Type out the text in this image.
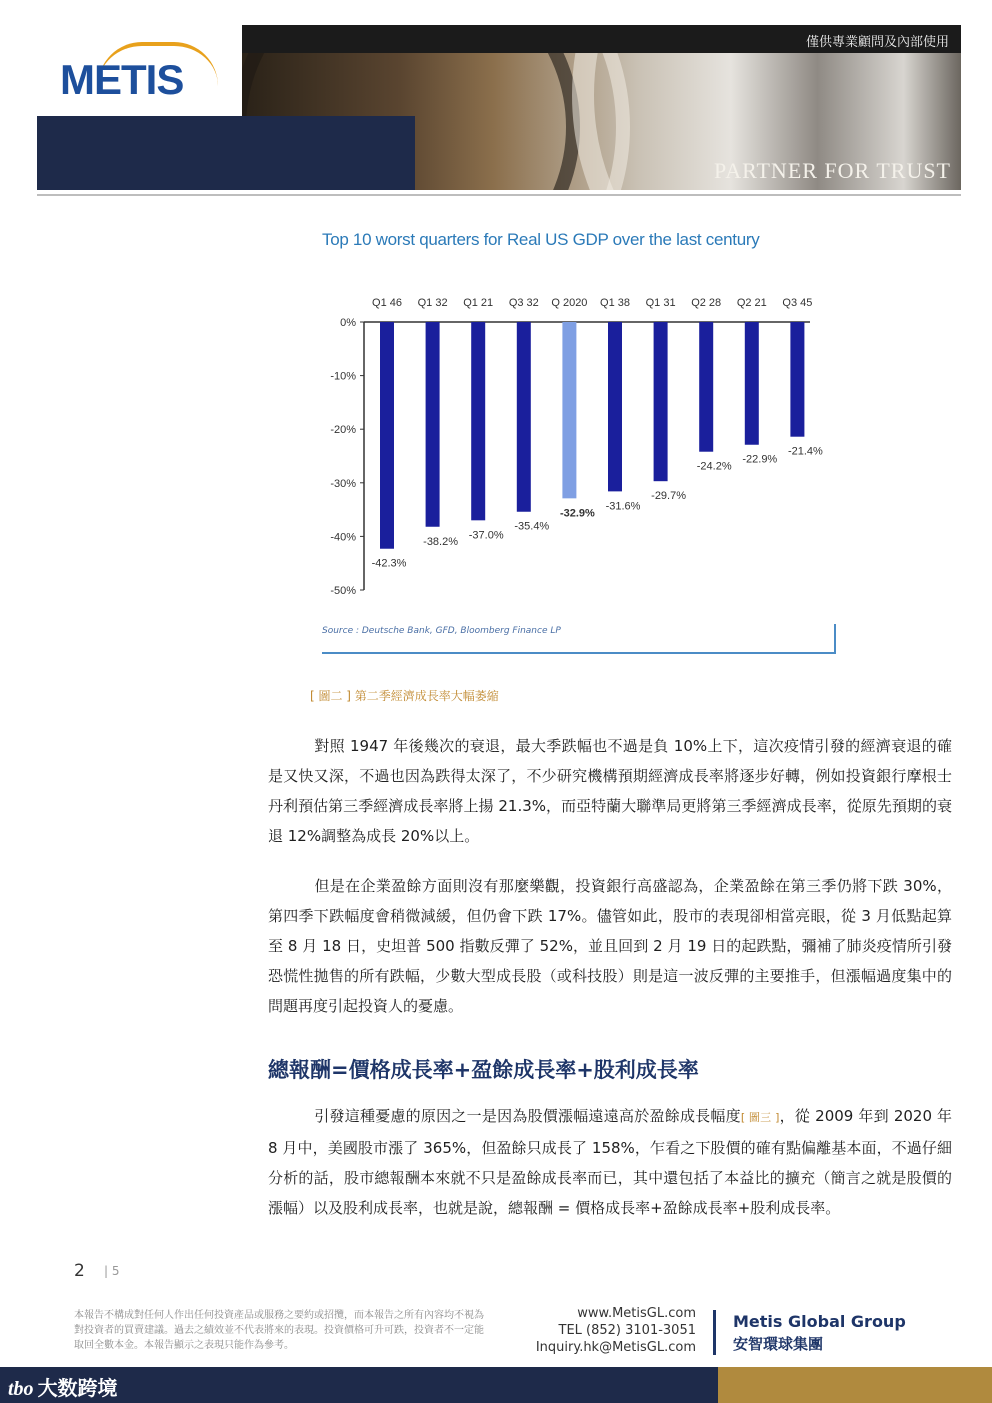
METIS
僅供專業顧問及內部使用
PARTNER FOR TRUST
Top 10 worst quarters for Real US GDP over the last century
0%
-10%
-20%
-30%
-40%
-50%
Q1 46
-42.3%
Q1 32
-38.2%
Q1 21
-37.0%
Q3 32
-35.4%
Q 2020
-32.9%
Q1 38
-31.6%
Q1 31
-29.7%
Q2 28
-24.2%
Q2 21
-22.9%
Q3 45
-21.4%
Source : Deutsche Bank, GFD, Bloomberg Finance LP
[ 圖二 ] 第二季經濟成長率大幅萎縮

對照 1947 年後幾次的衰退，最大季跌幅也不過是負 10%上下，這次疫情引發的經濟衰退的確是又快又深，不過也因為跌得太深了，不少研究機構預期經濟成長率將逐步好轉，例如投資銀行摩根士丹利預估第三季經濟成長率將上揚 21.3%，而亞特蘭大聯準局更將第三季經濟成長率，從原先預期的衰退 12%調整為成長 20%以上。

但是在企業盈餘方面則沒有那麼樂觀，投資銀行高盛認為，企業盈餘在第三季仍將下跌 30%，第四季下跌幅度會稍微減緩，但仍會下跌 17%。儘管如此，股市的表現卻相當亮眼，從 3 月低點起算至 8 月 18 日，史坦普 500 指數反彈了 52%，並且回到 2 月 19 日的起跌點，彌補了肺炎疫情所引發恐慌性拋售的所有跌幅，少數大型成長股（或科技股）則是這一波反彈的主要推手，但漲幅過度集中的問題再度引起投資人的憂慮。

總報酬=價格成長率+盈餘成長率+股利成長率

引發這種憂慮的原因之一是因為股價漲幅遠遠高於盈餘成長幅度[ 圖三 ]，從 2009 年到 2020 年 8 月中，美國股市漲了 365%，但盈餘只成長了 158%，乍看之下股價的確有點偏離基本面，不過仔細分析的話，股市總報酬本來就不只是盈餘成長率而已，其中還包括了本益比的擴充（簡言之就是股價的漲幅）以及股利成長率，也就是說，總報酬 = 價格成長率+盈餘成長率+股利成長率。

2 | 5

本報告不構成對任何人作出任何投資產品或服務之要約或招攬，而本報告之所有內容均不視為對投資者的買賣建議。過去之績效並不代表將來的表現。投資價格可升可跌，投資者不一定能取回全數本金。本報告顯示之表現只能作為參考。

www.MetisGL.com
TEL (852) 3101-3051
Inquiry.hk@MetisGL.com
Metis Global Group
安智環球集團
tbo 大数跨境
